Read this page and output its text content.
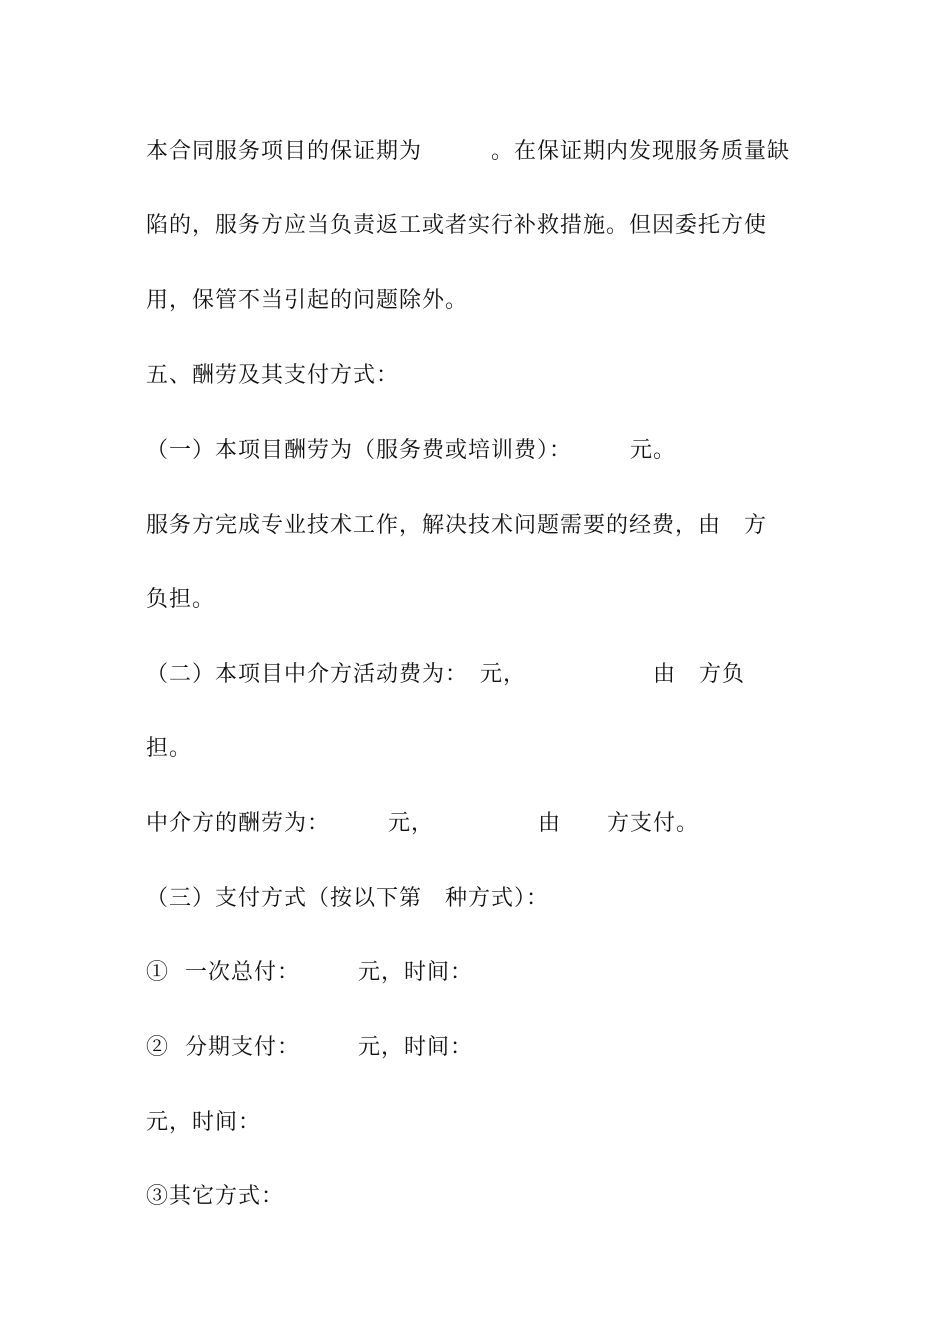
本合同服务项目的保证期为　　　。在保证期内发现服务质量缺
陷的，服务方应当负责返工或者实行补救措施。但因委托方使
用，保管不当引起的问题除外。
五、酬劳及其支付方式：
（一）本项目酬劳为（服务费或培训费）：　　　元。
服务方完成专业技术工作，解决技术问题需要的经费，由　方
负担。
（二）本项目中介方活动费为：　元，　　　　　　由　方负
担。
中介方的酬劳为：　　　元，　　　　　由　　方支付。
（三）支付方式（按以下第　种方式）：
①  一次总付：　　　元，时间：
②  分期支付：　　　元，时间：
元，时间：
③其它方式：
